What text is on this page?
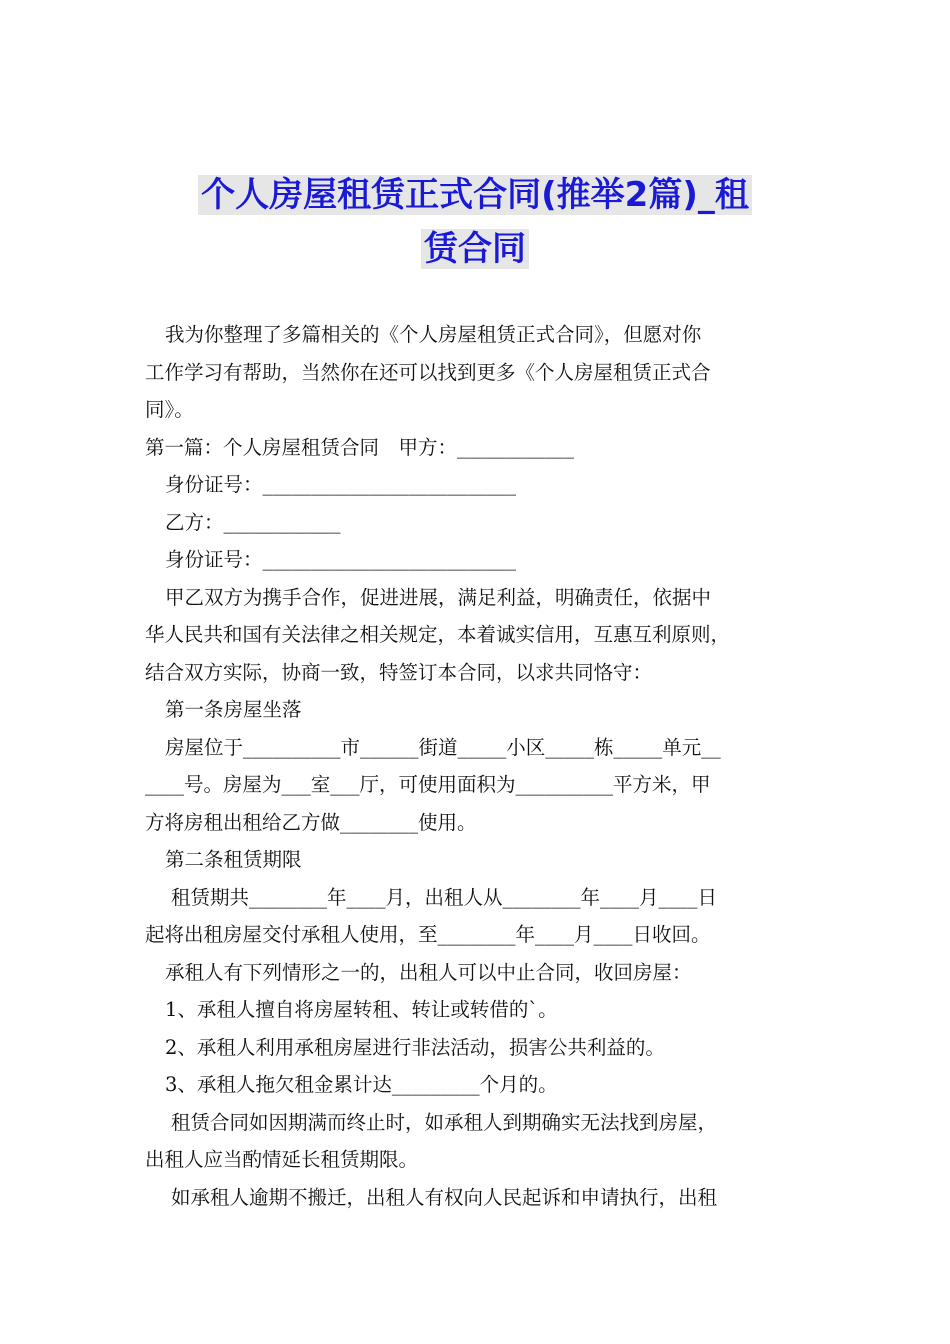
个人房屋租赁正式合同(推举2篇)_租
赁合同

我为你整理了多篇相关的《个人房屋租赁正式合同》，但愿对你

工作学习有帮助，当然你在还可以找到更多《个人房屋租赁正式合

同》。

第一篇：个人房屋租赁合同　甲方：____________

身份证号：__________________________

乙方：____________

身份证号：__________________________

甲乙双方为携手合作，促进进展，满足利益，明确责任，依据中

华人民共和国有关法律之相关规定，本着诚实信用，互惠互利原则，

结合双方实际，协商一致，特签订本合同，以求共同恪守：

第一条房屋坐落

房屋位于__________市______街道_____小区_____栋_____单元__

____号。房屋为___室___厅，可使用面积为__________平方米，甲

方将房租出租给乙方做________使用。

第二条租赁期限

租赁期共________年____月，出租人从________年____月____日

起将出租房屋交付承租人使用，至________年____月____日收回。

承租人有下列情形之一的，出租人可以中止合同，收回房屋：

1、承租人擅自将房屋转租、转让或转借的`。

2、承租人利用承租房屋进行非法活动，损害公共利益的。

3、承租人拖欠租金累计达_________个月的。

租赁合同如因期满而终止时，如承租人到期确实无法找到房屋，

出租人应当酌情延长租赁期限。

如承租人逾期不搬迁，出租人有权向人民起诉和申请执行，出租
